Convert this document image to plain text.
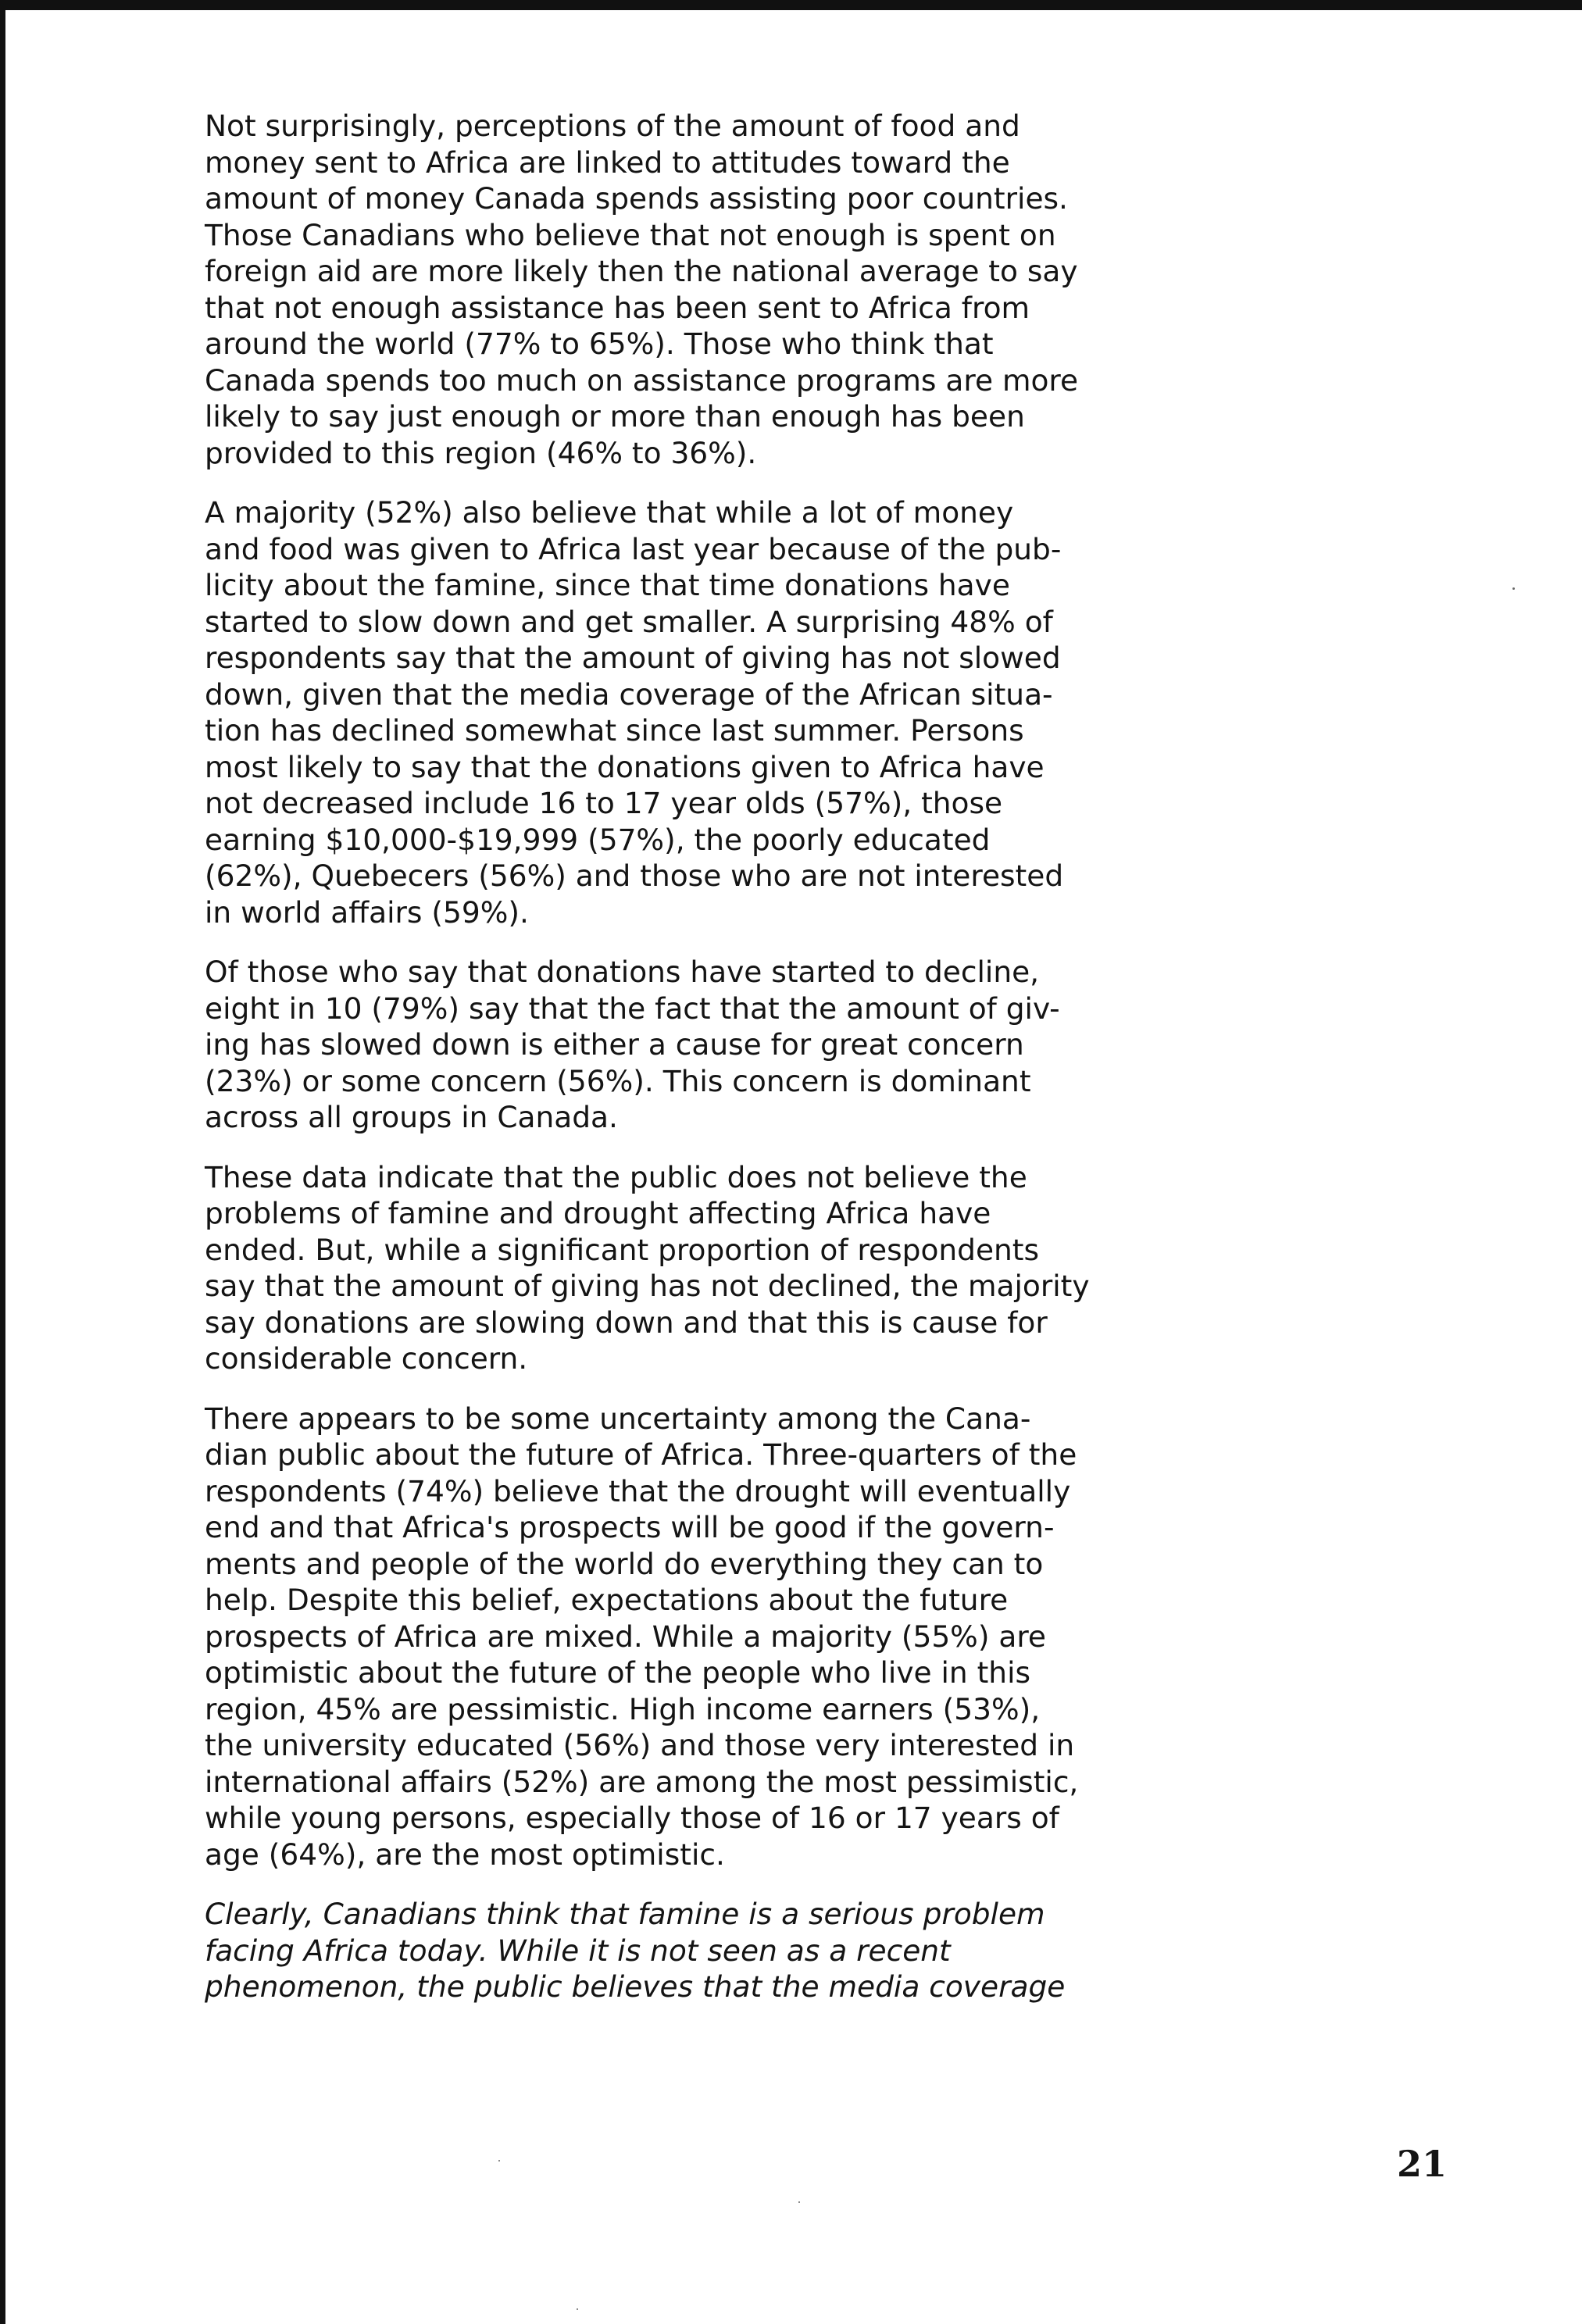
Not surprisingly, perceptions of the amount of food and
money sent to Africa are linked to attitudes toward the
amount of money Canada spends assisting poor countries.
Those Canadians who believe that not enough is spent on
foreign aid are more likely then the national average to say
that not enough assistance has been sent to Africa from
around the world (77% to 65%). Those who think that
Canada spends too much on assistance programs are more
likely to say just enough or more than enough has been
provided to this region (46% to 36%).

A majority (52%) also believe that while a lot of money
and food was given to Africa last year because of the pub-
licity about the famine, since that time donations have
started to slow down and get smaller. A surprising 48% of
respondents say that the amount of giving has not slowed
down, given that the media coverage of the African situa-
tion has declined somewhat since last summer. Persons
most likely to say that the donations given to Africa have
not decreased include 16 to 17 year olds (57%), those
earning $10,000-$19,999 (57%), the poorly educated
(62%), Quebecers (56%) and those who are not interested
in world affairs (59%).

Of those who say that donations have started to decline,
eight in 10 (79%) say that the fact that the amount of giv-
ing has slowed down is either a cause for great concern
(23%) or some concern (56%). This concern is dominant
across all groups in Canada.

These data indicate that the public does not believe the
problems of famine and drought affecting Africa have
ended. But, while a significant proportion of respondents
say that the amount of giving has not declined, the majority
say donations are slowing down and that this is cause for
considerable concern.

There appears to be some uncertainty among the Cana-
dian public about the future of Africa. Three-quarters of the
respondents (74%) believe that the drought will eventually
end and that Africa's prospects will be good if the govern-
ments and people of the world do everything they can to
help. Despite this belief, expectations about the future
prospects of Africa are mixed. While a majority (55%) are
optimistic about the future of the people who live in this
region, 45% are pessimistic. High income earners (53%),
the university educated (56%) and those very interested in
international affairs (52%) are among the most pessimistic,
while young persons, especially those of 16 or 17 years of
age (64%), are the most optimistic.

Clearly, Canadians think that famine is a serious problem
facing Africa today. While it is not seen as a recent
phenomenon, the public believes that the media coverage

21
